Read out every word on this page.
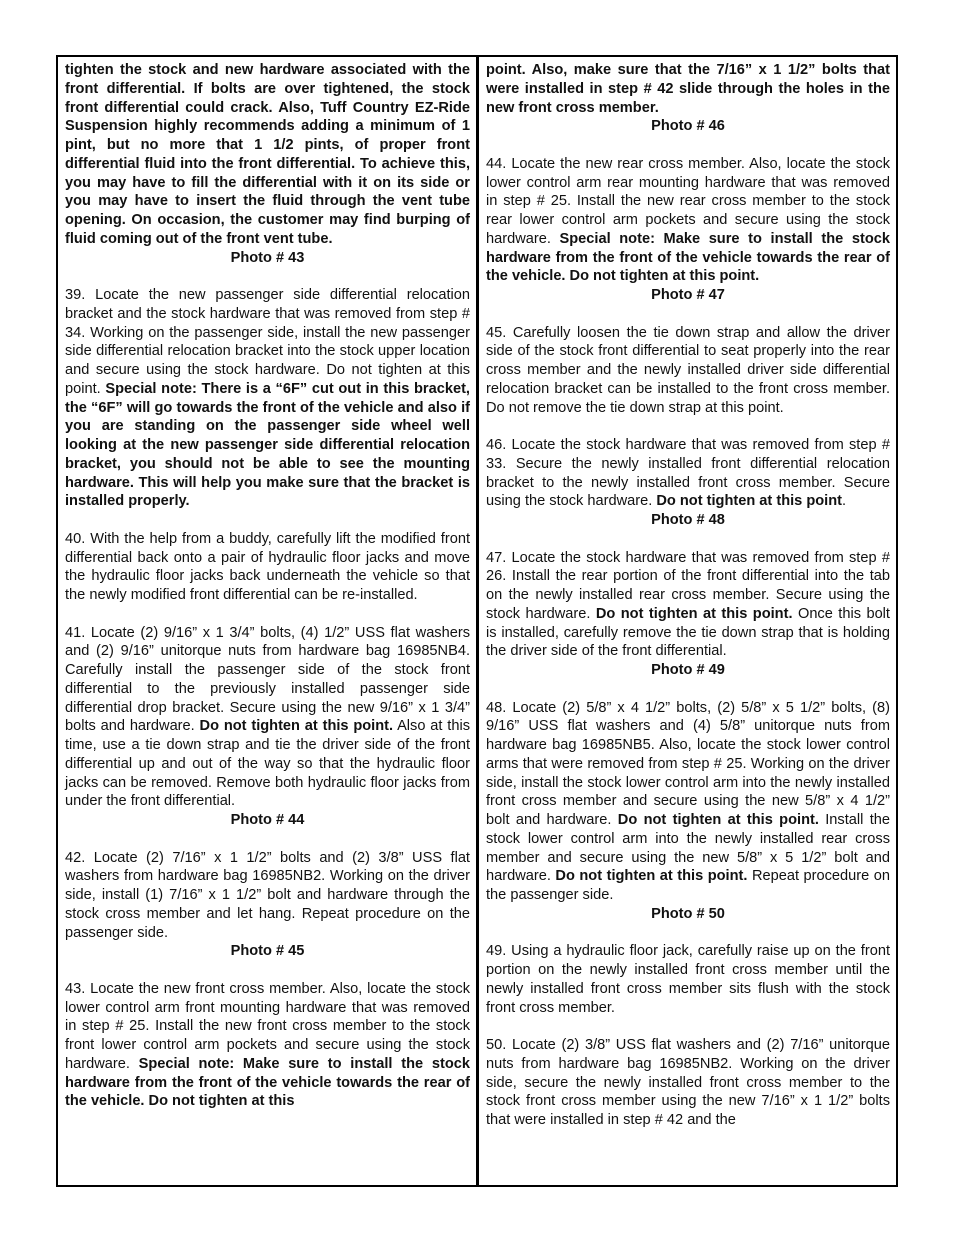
tighten the stock and new hardware associated with the front differential. If bolts are over tightened, the stock front differential could crack. Also, Tuff Country EZ-Ride Suspension highly recommends adding a minimum of 1 pint, but no more that 1 1/2 pints, of proper front differential fluid into the front differential. To achieve this, you may have to fill the differential with it on its side or you may have to insert the fluid through the vent tube opening. On occasion, the customer may find burping of fluid coming out of the front vent tube.

Photo # 43

39. Locate the new passenger side differential relocation bracket and the stock hardware that was removed from step # 34. Working on the passenger side, install the new passenger side differential relocation bracket into the stock upper location and secure using the stock hardware. Do not tighten at this point. Special note: There is a “6F” cut out in this bracket, the “6F” will go towards the front of the vehicle and also if you are standing on the passenger side wheel well looking at the new passenger side differential relocation bracket, you should not be able to see the mounting hardware. This will help you make sure that the bracket is installed properly.

40. With the help from a buddy, carefully lift the modified front differential back onto a pair of hydraulic floor jacks and move the hydraulic floor jacks back underneath the vehicle so that the newly modified front differential can be re-installed.

41. Locate (2) 9/16” x 1 3/4” bolts, (4) 1/2” USS flat washers and (2) 9/16” unitorque nuts from hardware bag 16985NB4. Carefully install the passenger side of the stock front differential to the previously installed passenger side differential drop bracket. Secure using the new 9/16” x 1 3/4” bolts and hardware. Do not tighten at this point. Also at this time, use a tie down strap and tie the driver side of the front differential up and out of the way so that the hydraulic floor jacks can be removed. Remove both hydraulic floor jacks from under the front differential.

Photo # 44

42. Locate (2) 7/16” x 1 1/2” bolts and (2) 3/8” USS flat washers from hardware bag 16985NB2. Working on the driver side, install (1) 7/16” x 1 1/2” bolt and hardware through the stock cross member and let hang. Repeat procedure on the passenger side.

Photo # 45

43. Locate the new front cross member. Also, locate the stock lower control arm front mounting hardware that was removed in step # 25. Install the new front cross member to the stock front lower control arm pockets and secure using the stock hardware. Special note: Make sure to install the stock hardware from the front of the vehicle towards the rear of the vehicle. Do not tighten at this

point. Also, make sure that the 7/16” x 1 1/2” bolts that were installed in step # 42 slide through the holes in the new front cross member.

Photo # 46

44. Locate the new rear cross member. Also, locate the stock lower control arm rear mounting hardware that was removed in step # 25. Install the new rear cross member to the stock rear lower control arm pockets and secure using the stock hardware. Special note: Make sure to install the stock hardware from the front of the vehicle towards the rear of the vehicle. Do not tighten at this point.

Photo # 47

45. Carefully loosen the tie down strap and allow the driver side of the stock front differential to seat properly into the rear cross member and the newly installed driver side differential relocation bracket can be installed to the front cross member. Do not remove the tie down strap at this point.

46. Locate the stock hardware that was removed from step # 33. Secure the newly installed front differential relocation bracket to the newly installed front cross member. Secure using the stock hardware. Do not tighten at this point.

Photo # 48

47. Locate the stock hardware that was removed from step # 26. Install the rear portion of the front differential into the tab on the newly installed rear cross member. Secure using the stock hardware. Do not tighten at this point. Once this bolt is installed, carefully remove the tie down strap that is holding the driver side of the front differential.

Photo # 49

48. Locate (2) 5/8” x 4 1/2” bolts, (2) 5/8” x 5 1/2” bolts, (8) 9/16” USS flat washers and (4) 5/8” unitorque nuts from hardware bag 16985NB5. Also, locate the stock lower control arms that were removed from step # 25. Working on the driver side, install the stock lower control arm into the newly installed front cross member and secure using the new 5/8” x 4 1/2” bolt and hardware. Do not tighten at this point. Install the stock lower control arm into the newly installed rear cross member and secure using the new 5/8” x 5 1/2” bolt and hardware. Do not tighten at this point. Repeat procedure on the passenger side.

Photo # 50

49. Using a hydraulic floor jack, carefully raise up on the front portion on the newly installed front cross member until the newly installed front cross member sits flush with the stock front cross member.

50. Locate (2) 3/8” USS flat washers and (2) 7/16” unitorque nuts from hardware bag 16985NB2. Working on the driver side, secure the newly installed front cross member to the stock front cross member using the new 7/16” x 1 1/2” bolts that were installed in step # 42 and the
